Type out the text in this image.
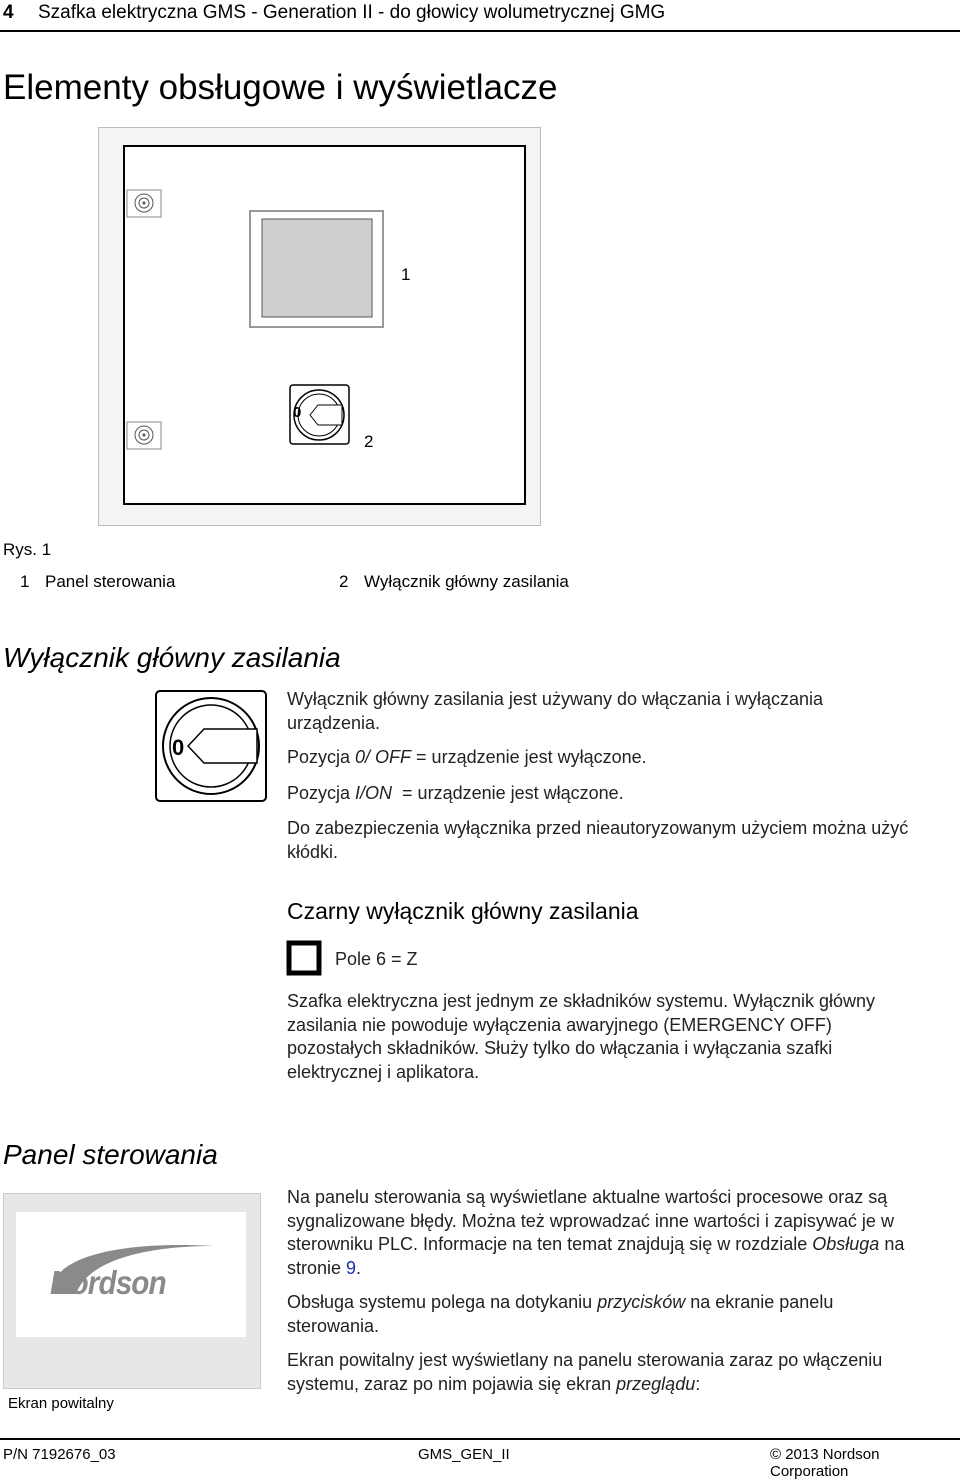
4 Szafka elektryczna GMS - Generation II - do głowicy wolumetrycznej GMG
Elementy obsługowe i wyświetlacze
0
1
2
Rys. 1
1 Panel sterowania	2 Wyłącznik główny zasilania
Wyłącznik główny zasilania
0
Wyłącznik główny zasilania jest używany do włączania i wyłączania urządzenia.
Pozycja 0/ OFF = urządzenie jest wyłączone.
Pozycja I/ON  = urządzenie jest włączone.
Do zabezpieczenia wyłącznika przed nieautoryzowanym użyciem można użyć kłódki.
Czarny wyłącznik główny zasilania
Pole 6 = Z
Szafka elektryczna jest jednym ze składników systemu. Wyłącznik główny zasilania nie powoduje wyłączenia awaryjnego (EMERGENCY OFF) pozostałych składników. Służy tylko do włączania i wyłączania szafki elektrycznej i aplikatora.
Panel sterowania
Nordson
Ekran powitalny
Na panelu sterowania są wyświetlane aktualne wartości procesowe oraz są sygnalizowane błędy. Można też wprowadzać inne wartości i zapisywać je w sterowniku PLC. Informacje na ten temat znajdują się w rozdziale Obsługa na stronie 9.
Obsługa systemu polega na dotykaniu przycisków na ekranie panelu sterowania.
Ekran powitalny jest wyświetlany na panelu sterowania zaraz po włączeniu systemu, zaraz po nim pojawia się ekran przeglądu:
P/N 7192676_03	GMS_GEN_II	© 2013 Nordson Corporation
